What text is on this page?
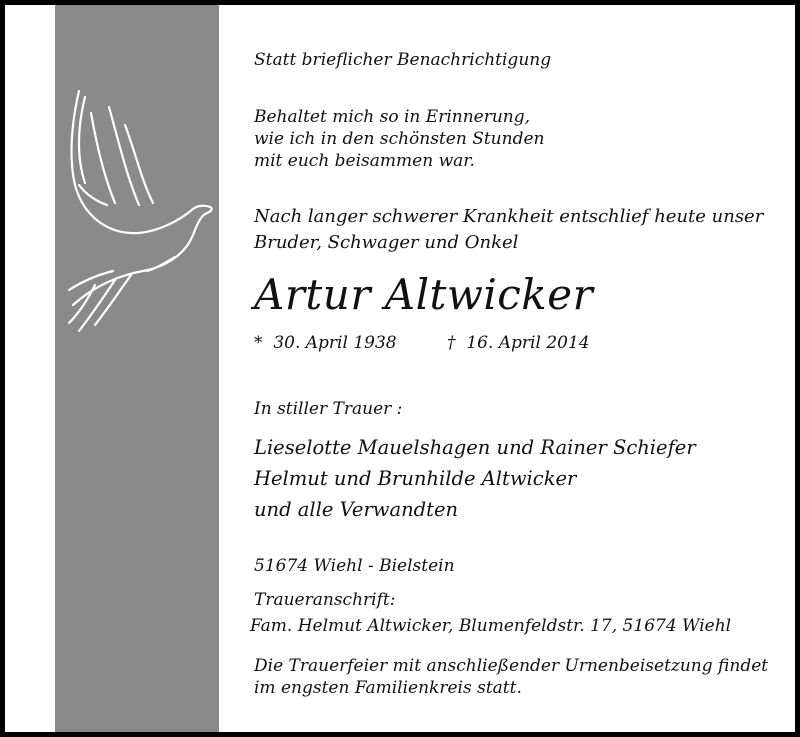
Statt brieflicher Benachrichtigung
Behaltet mich so in Erinnerung,
wie ich in den schönsten Stunden
mit euch beisammen war.
Nach langer schwerer Krankheit entschlief heute unser
Bruder, Schwager und Onkel
Artur Altwicker
* 30. April 1938	† 16. April 2014
In stiller Trauer :
Lieselotte Mauelshagen und Rainer Schiefer
Helmut und Brunhilde Altwicker
und alle Verwandten
51674 Wiehl - Bielstein
Traueranschrift:
Fam. Helmut Altwicker, Blumenfeldstr. 17, 51674 Wiehl
Die Trauerfeier mit anschließender Urnenbeisetzung findet
im engsten Familienkreis statt.
